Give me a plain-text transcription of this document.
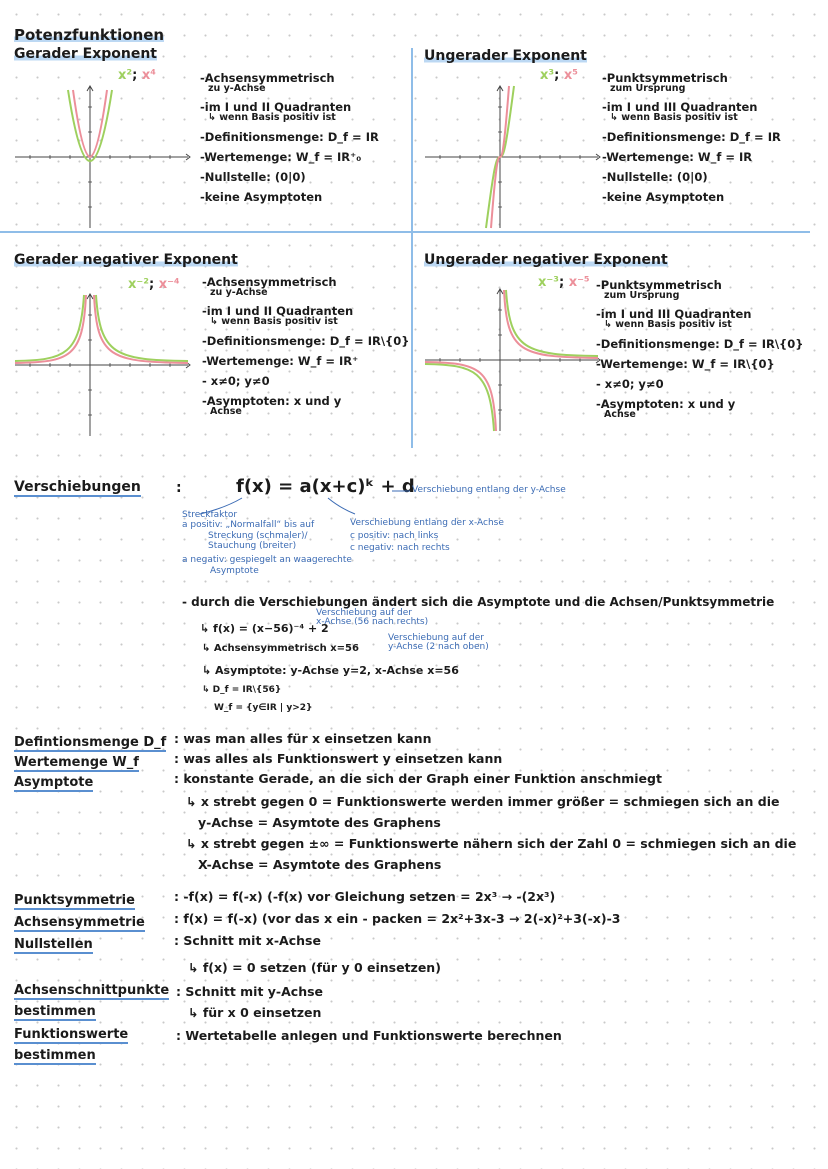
Potenzfunktionen
Gerader Exponent
x²; x⁴	-Achsensymmetrisch
zu y-Achse
-im I und II Quadranten
↳ wenn Basis positiv ist
-Definitionsmenge: D_f = IR
-Wertemenge: W_f = IR⁺₀
-Nullstelle: (0|0)
-keine Asymptoten
Ungerader Exponent
x³; x⁵ -Punktsymmetrisch
zum Ursprung
-im I und III Quadranten
↳ wenn Basis positiv ist
-Definitionsmenge: D_f = IR
-Wertemenge: W_f = IR
-Nullstelle: (0|0)
-keine Asymptoten
Gerader negativer Exponent
x⁻²; x⁻⁴ -Achsensymmetrisch
zu y-Achse
-im I und II Quadranten
↳ wenn Basis positiv ist
-Definitionsmenge: D_f = IR\{0}
-Wertemenge: W_f = IR⁺
- x≠0; y≠0
-Asymptoten: x und y
Achse
Ungerader negativer Exponent
x⁻³; x⁻⁵ -Punktsymmetrisch
zum Ursprung
-im I und III Quadranten
↳ wenn Basis positiv ist
-Definitionsmenge: D_f = IR\{0}
-Wertemenge: W_f = IR\{0}
- x≠0; y≠0
-Asymptoten: x und y
Achse
Verschiebungen	:	f(x) = a(x+c)ᵏ + d
Verschiebung entlang der y-Achse
Streckfaktor
a positiv: „Normalfall“ bis auf
Streckung (schmaler)/
Stauchung (breiter)
a negativ: gespiegelt an waagerechte
Asymptote
Verschiebung entlang der x-Achse
c positiv: nach links
c negativ: nach rechts
- durch die Verschiebungen ändert sich die Asymptote und die Achsen/Punktsymmetrie
Verschiebung auf der
x-Achse (56 nach rechts)
↳ f(x) = (x−56)⁻⁴ + 2
Verschiebung auf der
y-Achse (2 nach oben)
↳ Achsensymmetrisch x=56
↳ Asymptote: y-Achse y=2, x-Achse x=56
↳ D_f = IR\{56}
W_f = {y∈IR | y>2}
Defintionsmenge D_f : was man alles für x einsetzen kann
Wertemenge W_f	: was alles als Funktionswert y einsetzen kann
Asymptote	: konstante Gerade, an die sich der Graph einer Funktion anschmiegt
↳ x strebt gegen 0 = Funktionswerte werden immer größer = schmiegen sich an die
y-Achse = Asymtote des Graphens
↳ x strebt gegen ±∞ = Funktionswerte nähern sich der Zahl 0 = schmiegen sich an die
X-Achse = Asymtote des Graphens
Punktsymmetrie	: -f(x) = f(-x) (-f(x) vor Gleichung setzen = 2x³ → -(2x³)
Achsensymmetrie : f(x) = f(-x) (vor das x ein - packen = 2x²+3x-3 → 2(-x)²+3(-x)-3
Nullstellen	: Schnitt mit x-Achse
↳ f(x) = 0 setzen (für y 0 einsetzen)
Achsenschnittpunkte : Schnitt mit y-Achse
bestimmen	↳ für x 0 einsetzen
Funktionswerte	: Wertetabelle anlegen und Funktionswerte berechnen
bestimmen
